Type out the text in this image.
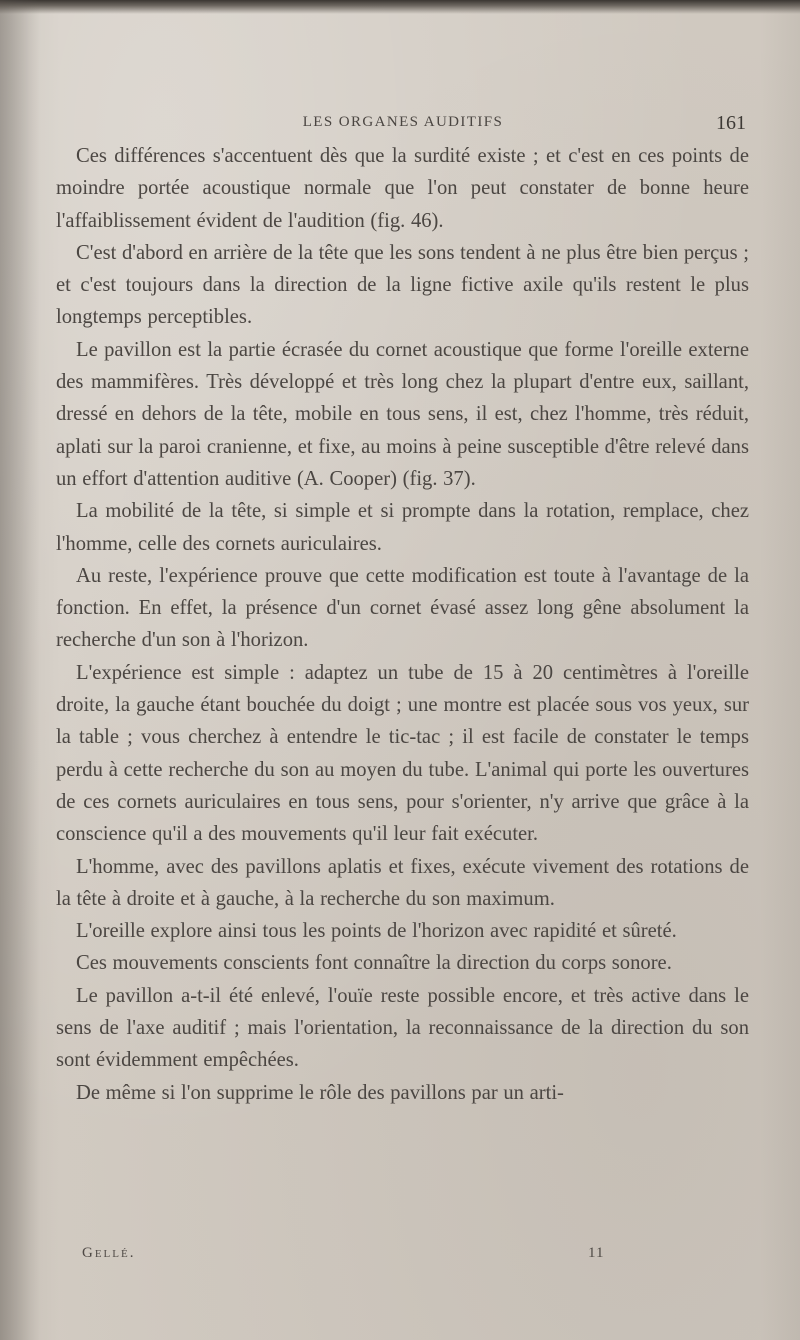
LES ORGANES AUDITIFS	161

Ces différences s'accentuent dès que la surdité existe ; et c'est en ces points de moindre portée acoustique normale que l'on peut constater de bonne heure l'affaiblissement évident de l'audition (fig. 46).

C'est d'abord en arrière de la tête que les sons tendent à ne plus être bien perçus ; et c'est toujours dans la direction de la ligne fictive axile qu'ils restent le plus longtemps perceptibles.

Le pavillon est la partie écrasée du cornet acoustique que forme l'oreille externe des mammifères. Très développé et très long chez la plupart d'entre eux, saillant, dressé en dehors de la tête, mobile en tous sens, il est, chez l'homme, très réduit, aplati sur la paroi cranienne, et fixe, au moins à peine susceptible d'être relevé dans un effort d'attention auditive (A. Cooper) (fig. 37).

La mobilité de la tête, si simple et si prompte dans la rotation, remplace, chez l'homme, celle des cornets auriculaires.

Au reste, l'expérience prouve que cette modification est toute à l'avantage de la fonction. En effet, la présence d'un cornet évasé assez long gêne absolument la recherche d'un son à l'horizon.

L'expérience est simple : adaptez un tube de 15 à 20 centimètres à l'oreille droite, la gauche étant bouchée du doigt ; une montre est placée sous vos yeux, sur la table ; vous cherchez à entendre le tic-tac ; il est facile de constater le temps perdu à cette recherche du son au moyen du tube. L'animal qui porte les ouvertures de ces cornets auriculaires en tous sens, pour s'orienter, n'y arrive que grâce à la conscience qu'il a des mouvements qu'il leur fait exécuter.

L'homme, avec des pavillons aplatis et fixes, exécute vivement des rotations de la tête à droite et à gauche, à la recherche du son maximum.

L'oreille explore ainsi tous les points de l'horizon avec rapidité et sûreté.

Ces mouvements conscients font connaître la direction du corps sonore.

Le pavillon a-t-il été enlevé, l'ouïe reste possible encore, et très active dans le sens de l'axe auditif ; mais l'orientation, la reconnaissance de la direction du son sont évidemment empêchées.

De même si l'on supprime le rôle des pavillons par un arti-

Gellé.	11
